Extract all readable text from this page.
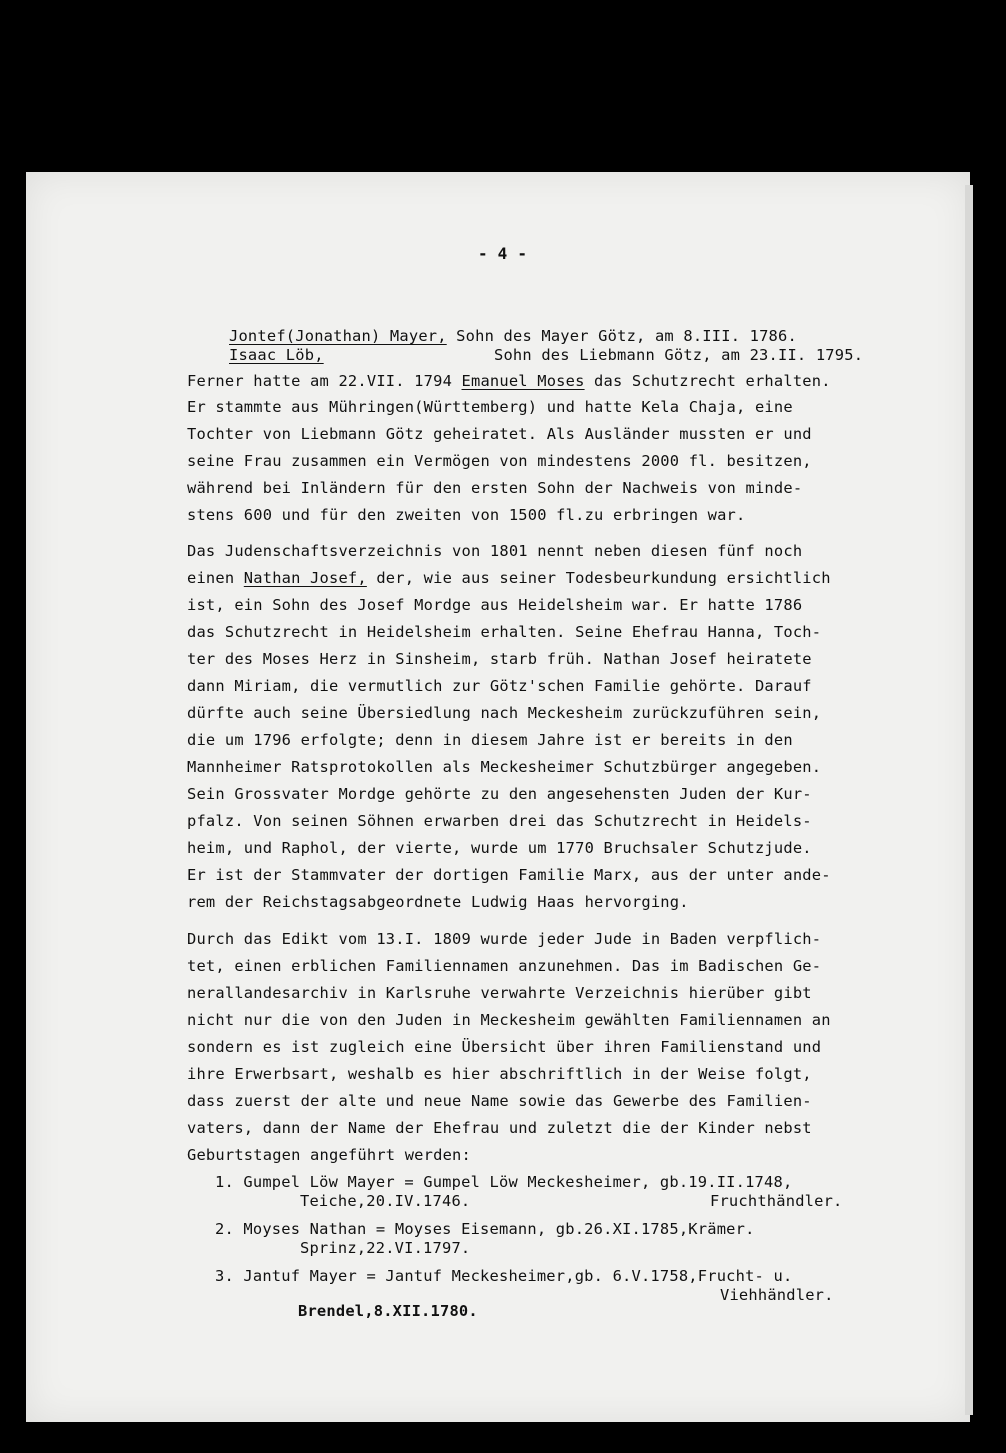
- 4 -
Jontef(Jonathan) Mayer, Sohn des Mayer Götz, am 8.III. 1786.
Isaac Löb,	Sohn des Liebmann Götz, am 23.II. 1795.
Ferner hatte am 22.VII. 1794 Emanuel Moses das Schutzrecht erhalten.
Er stammte aus Mühringen(Württemberg) und hatte Kela Chaja, eine
Tochter von Liebmann Götz geheiratet. Als Ausländer mussten er und
seine Frau zusammen ein Vermögen von mindestens 2000 fl. besitzen,
während bei Inländern für den ersten Sohn der Nachweis von minde-
stens 600 und für den zweiten von 1500 fl.zu erbringen war.
Das Judenschaftsverzeichnis von 1801 nennt neben diesen fünf noch
einen Nathan Josef, der, wie aus seiner Todesbeurkundung ersichtlich
ist, ein Sohn des Josef Mordge aus Heidelsheim war. Er hatte 1786
das Schutzrecht in Heidelsheim erhalten. Seine Ehefrau Hanna, Toch-
ter des Moses Herz in Sinsheim, starb früh. Nathan Josef heiratete
dann Miriam, die vermutlich zur Götz'schen Familie gehörte. Darauf
dürfte auch seine Übersiedlung nach Meckesheim zurückzuführen sein,
die um 1796 erfolgte; denn in diesem Jahre ist er bereits in den
Mannheimer Ratsprotokollen als Meckesheimer Schutzbürger angegeben.
Sein Grossvater Mordge gehörte zu den angesehensten Juden der Kur-
pfalz. Von seinen Söhnen erwarben drei das Schutzrecht in Heidels-
heim, und Raphol, der vierte, wurde um 1770 Bruchsaler Schutzjude.
Er ist der Stammvater der dortigen Familie Marx, aus der unter ande-
rem der Reichstagsabgeordnete Ludwig Haas hervorging.
Durch das Edikt vom 13.I. 1809 wurde jeder Jude in Baden verpflich-
tet, einen erblichen Familiennamen anzunehmen. Das im Badischen Ge-
nerallandesarchiv in Karlsruhe verwahrte Verzeichnis hierüber gibt
nicht nur die von den Juden in Meckesheim gewählten Familiennamen an
sondern es ist zugleich eine Übersicht über ihren Familienstand und
ihre Erwerbsart, weshalb es hier abschriftlich in der Weise folgt,
dass zuerst der alte und neue Name sowie das Gewerbe des Familien-
vaters, dann der Name der Ehefrau und zuletzt die der Kinder nebst
Geburtstagen angeführt werden:
1. Gumpel Löw Mayer = Gumpel Löw Meckesheimer, gb.19.II.1748,
Teiche,20.IV.1746.	Fruchthändler.
2. Moyses Nathan = Moyses Eisemann, gb.26.XI.1785,Krämer.
Sprinz,22.VI.1797.
3. Jantuf Mayer = Jantuf Meckesheimer,gb. 6.V.1758,Frucht- u.
Viehhändler.
Brendel,8.XII.1780.
